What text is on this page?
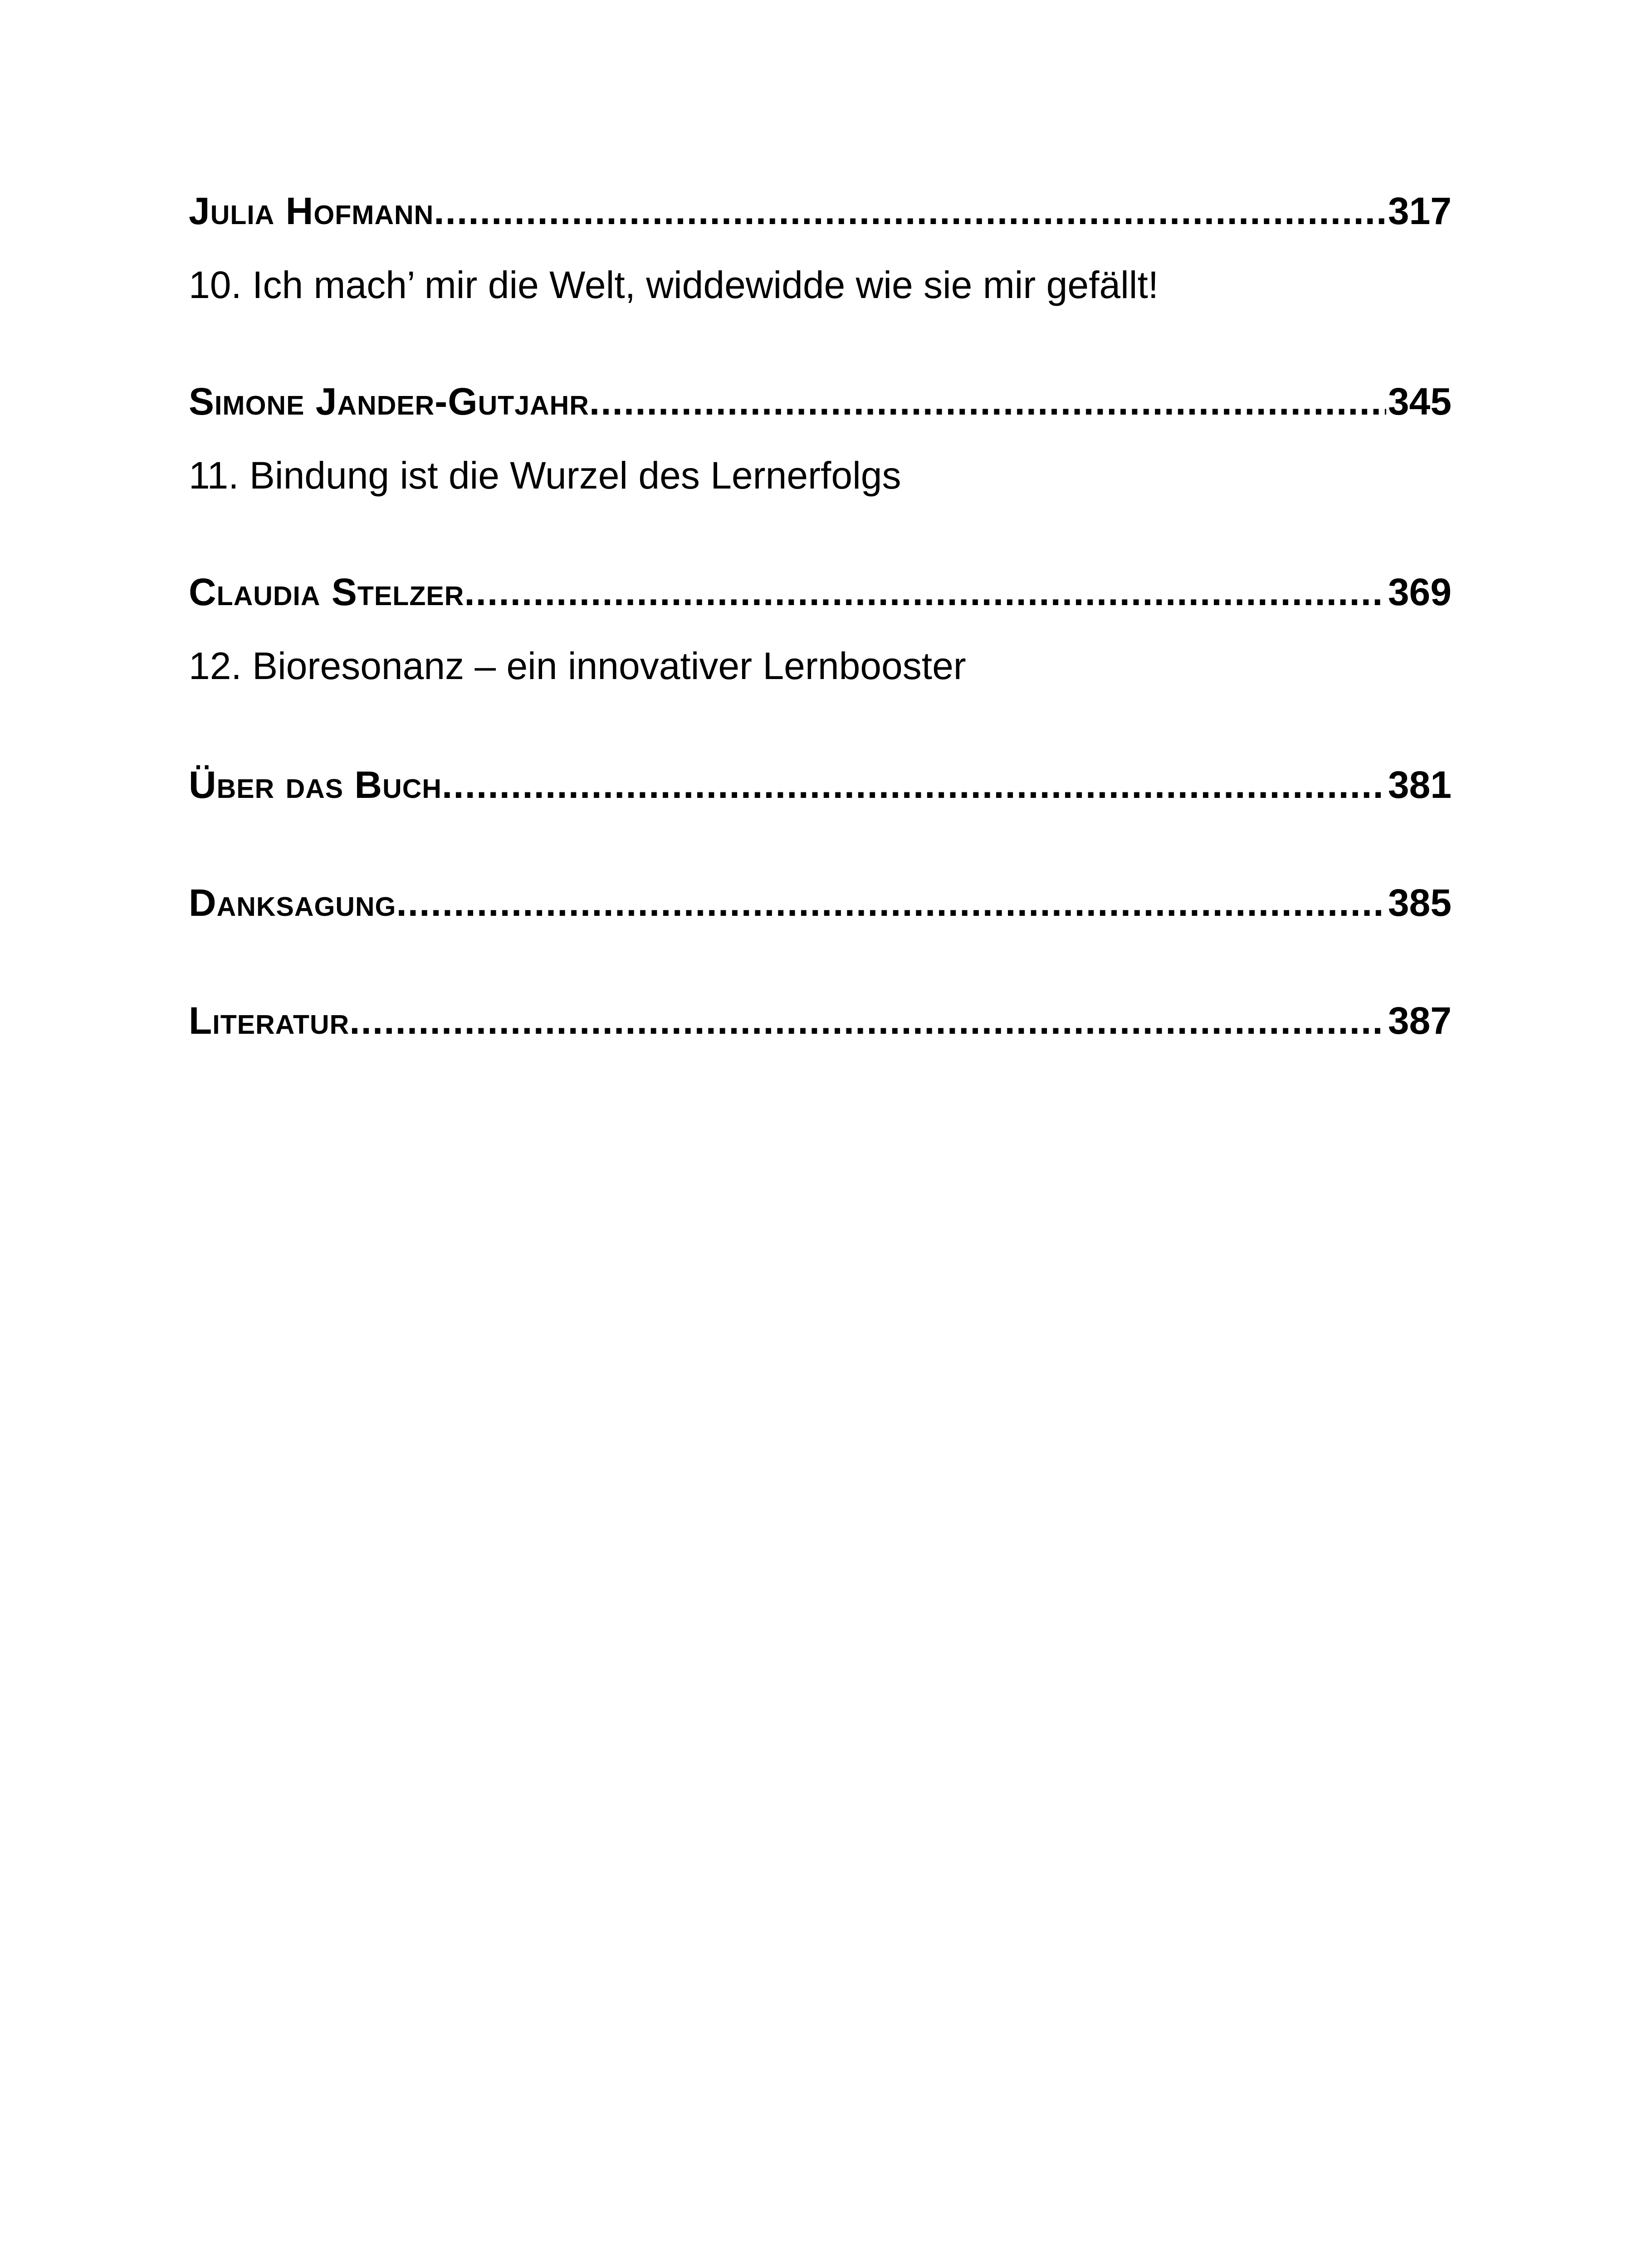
Julia Hofmann .....	317
10. Ich mach’ mir die Welt, widdewidde wie sie mir gefällt!
Simone Jander-Gutjahr .....	345
11. Bindung ist die Wurzel des Lernerfolgs
Claudia Stelzer .....	369
12. Bioresonanz – ein innovativer Lernbooster
Über das Buch .....	381
Danksagung .....	385
Literatur .....	387
